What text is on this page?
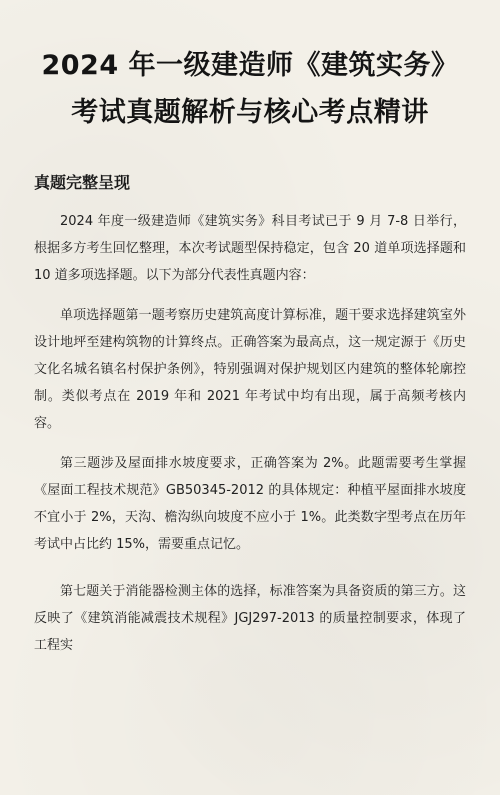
2024 年一级建造师《建筑实务》考试真题解析与核心考点精讲
真题完整呈现

2024 年度一级建造师《建筑实务》科目考试已于 9 月 7-8 日举行，根据多方考生回忆整理，本次考试题型保持稳定，包含 20 道单项选择题和 10 道多项选择题。以下为部分代表性真题内容：

单项选择题第一题考察历史建筑高度计算标准，题干要求选择建筑室外设计地坪至建构筑物的计算终点。正确答案为最高点，这一规定源于《历史文化名城名镇名村保护条例》，特别强调对保护规划区内建筑的整体轮廓控制。类似考点在 2019 年和 2021 年考试中均有出现，属于高频考核内容。

第三题涉及屋面排水坡度要求，正确答案为 2%。此题需要考生掌握《屋面工程技术规范》GB50345-2012 的具体规定：种植平屋面排水坡度不宜小于 2%，天沟、檐沟纵向坡度不应小于 1%。此类数字型考点在历年考试中占比约 15%，需要重点记忆。

第七题关于消能器检测主体的选择，标准答案为具备资质的第三方。这反映了《建筑消能减震技术规程》JGJ297-2013 的质量控制要求，体现了工程实
